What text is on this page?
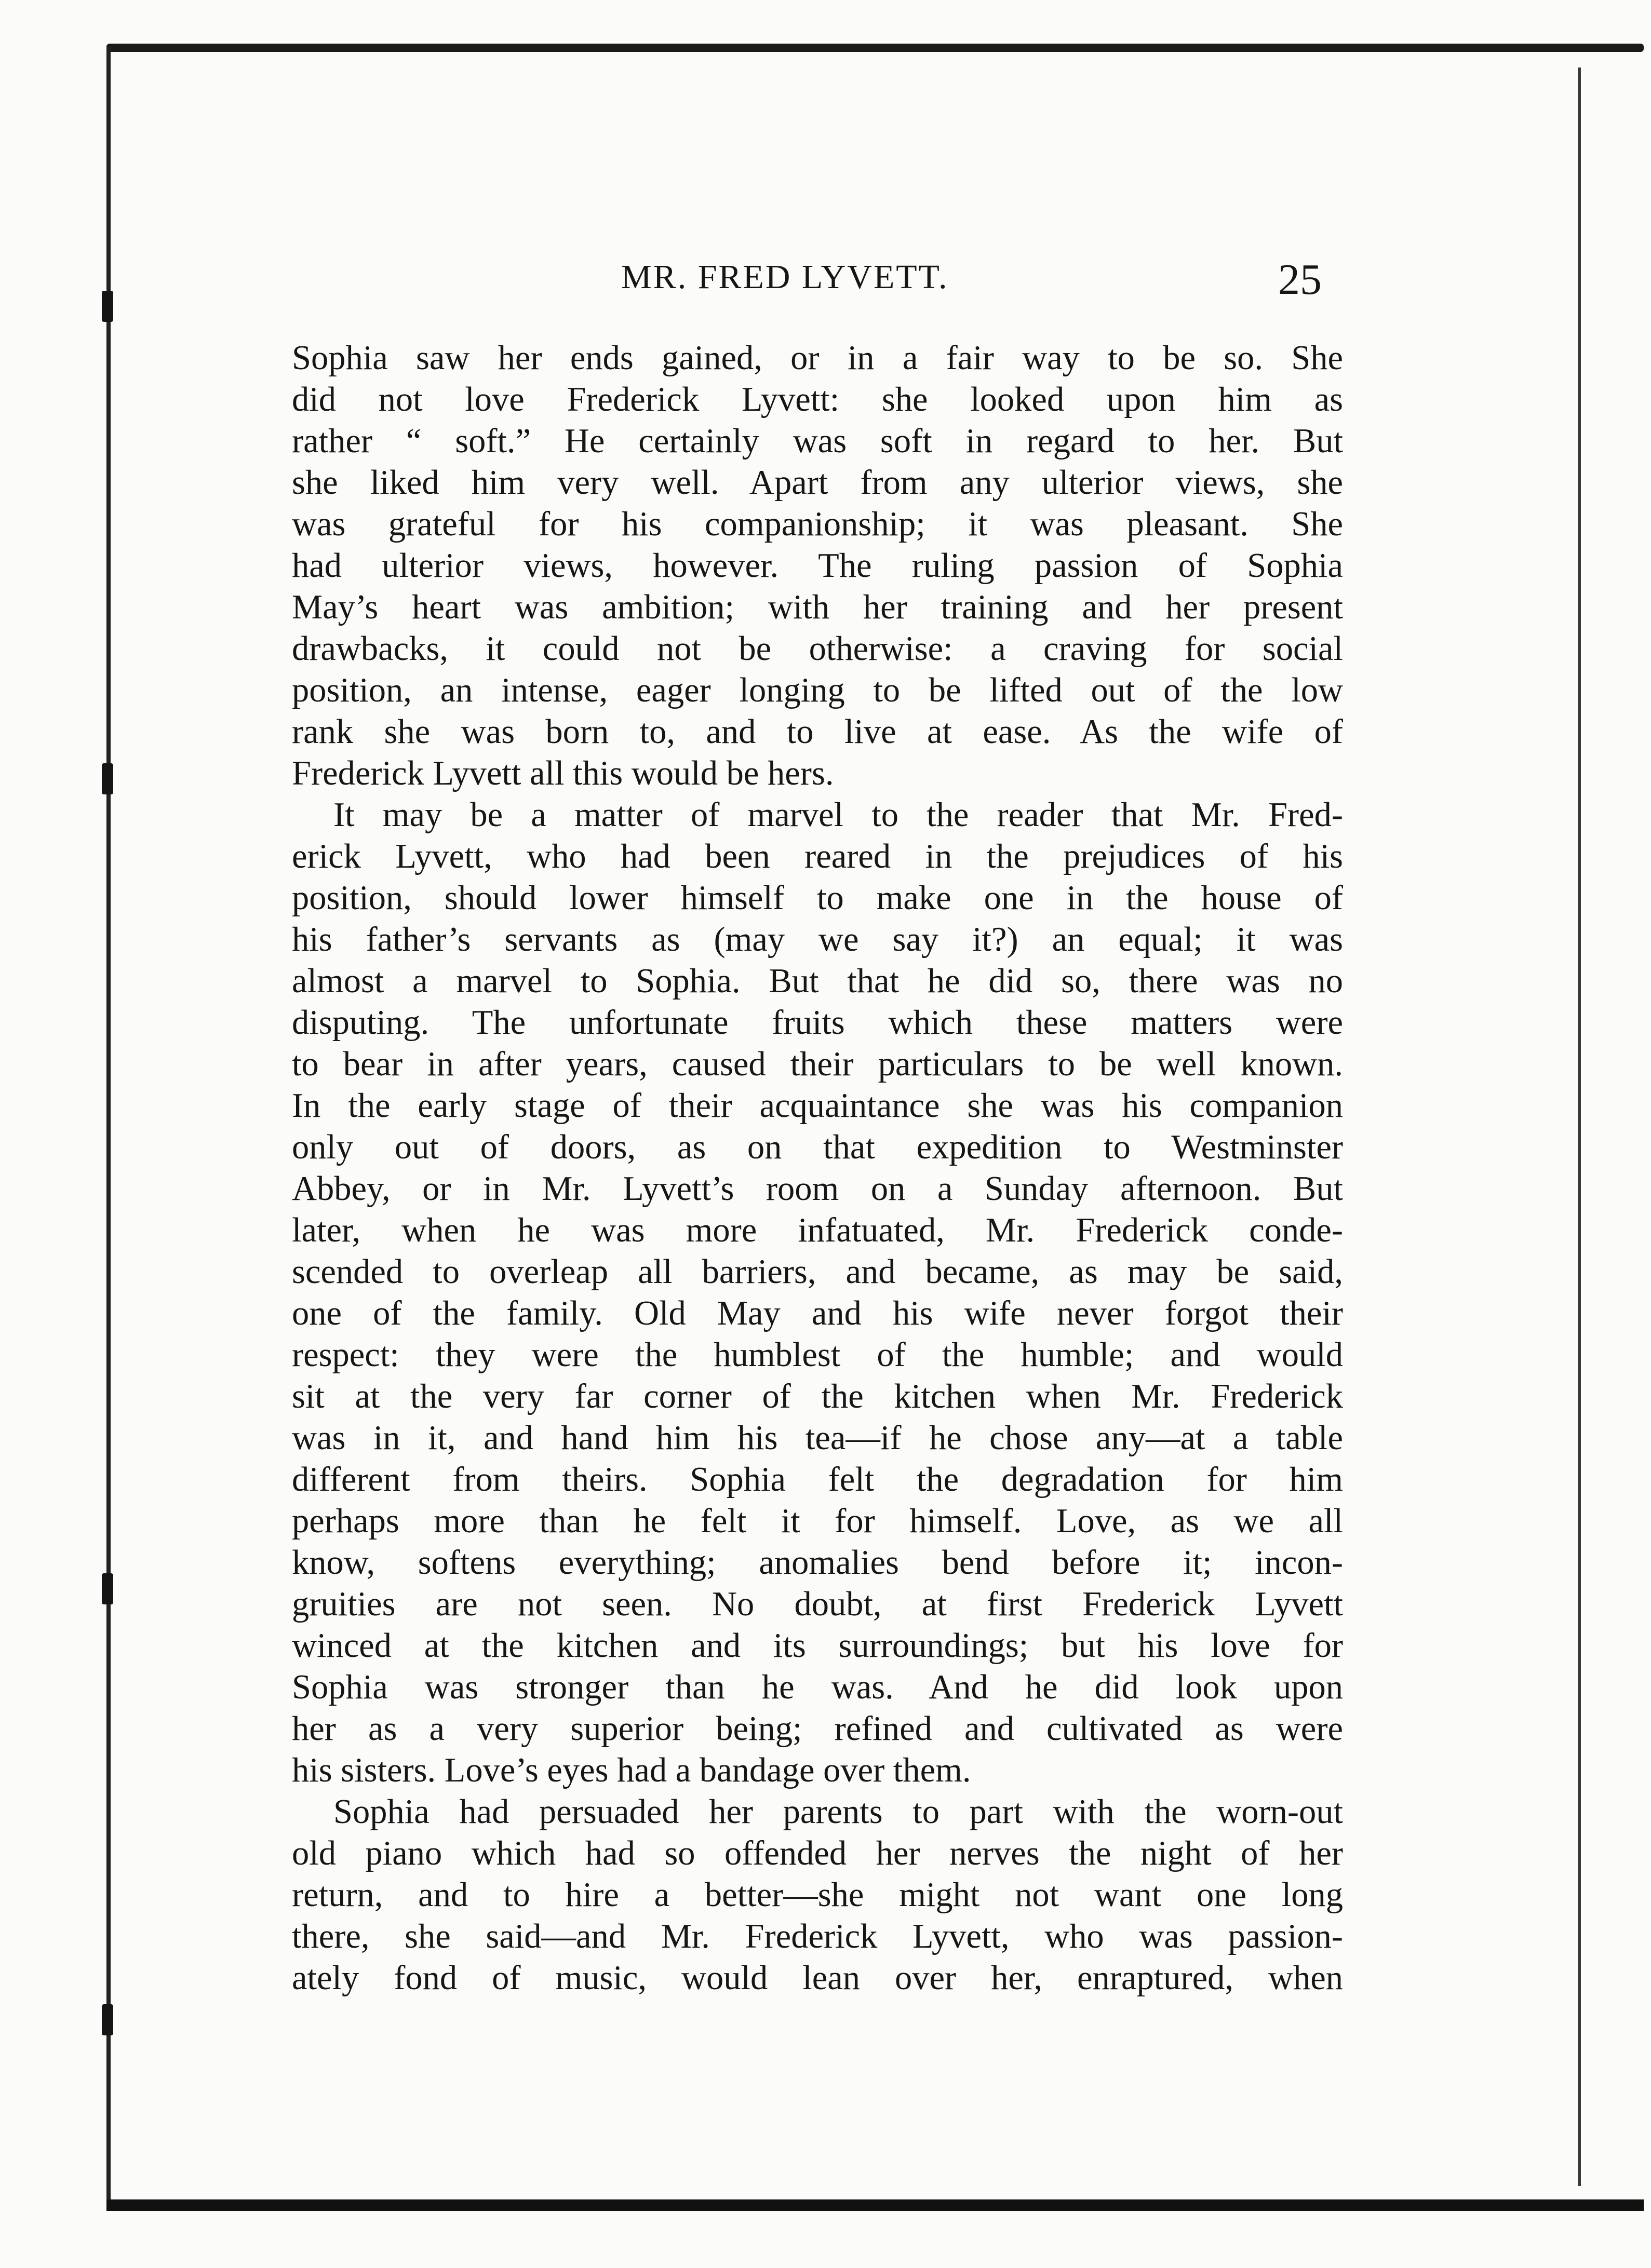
MR. FRED LYVETT.	25

Sophia saw her ends gained, or in a fair way to be so. She

did not love Frederick Lyvett: she looked upon him as

rather “ soft.” He certainly was soft in regard to her. But

she liked him very well. Apart from any ulterior views, she

was grateful for his companionship; it was pleasant. She

had ulterior views, however. The ruling passion of Sophia

May’s heart was ambition; with her training and her present

drawbacks, it could not be otherwise: a craving for social

position, an intense, eager longing to be lifted out of the low

rank she was born to, and to live at ease. As the wife of

Frederick Lyvett all this would be hers.

It may be a matter of marvel to the reader that Mr. Fred-

erick Lyvett, who had been reared in the prejudices of his

position, should lower himself to make one in the house of

his father’s servants as (may we say it?) an equal; it was

almost a marvel to Sophia. But that he did so, there was no

disputing. The unfortunate fruits which these matters were

to bear in after years, caused their particulars to be well known.

In the early stage of their acquaintance she was his companion

only out of doors, as on that expedition to Westminster

Abbey, or in Mr. Lyvett’s room on a Sunday afternoon. But

later, when he was more infatuated, Mr. Frederick conde-

scended to overleap all barriers, and became, as may be said,

one of the family. Old May and his wife never forgot their

respect: they were the humblest of the humble; and would

sit at the very far corner of the kitchen when Mr. Frederick

was in it, and hand him his tea—if he chose any—at a table

different from theirs. Sophia felt the degradation for him

perhaps more than he felt it for himself. Love, as we all

know, softens everything; anomalies bend before it; incon-

gruities are not seen. No doubt, at first Frederick Lyvett

winced at the kitchen and its surroundings; but his love for

Sophia was stronger than he was. And he did look upon

her as a very superior being; refined and cultivated as were

his sisters. Love’s eyes had a bandage over them.

Sophia had persuaded her parents to part with the worn-out

old piano which had so offended her nerves the night of her

return, and to hire a better—she might not want one long

there, she said—and Mr. Frederick Lyvett, who was passion-

ately fond of music, would lean over her, enraptured, when
